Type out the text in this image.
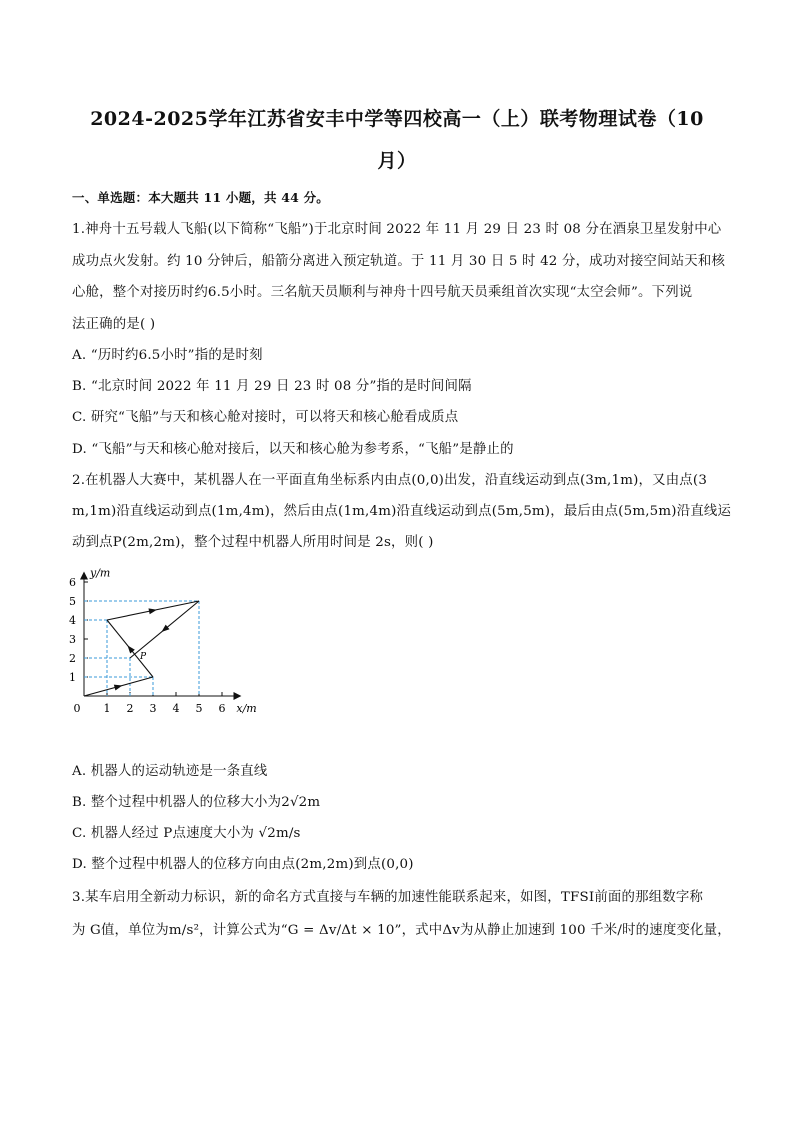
2024-2025学年江苏省安丰中学等四校高一（上）联考物理试卷（10
月）
一、单选题：本大题共 11 小题，共 44 分。
1.神舟十五号载人飞船(以下简称“飞船”)于北京时间 2022 年 11 月 29 日 23 时 08 分在酒泉卫星发射中心
成功点火发射。约 10 分钟后，船箭分离进入预定轨道。于 11 月 30 日 5 时 42 分，成功对接空间站天和核
心舱，整个对接历时约6.5小时。三名航天员顺利与神舟十四号航天员乘组首次实现“太空会师”。下列说
法正确的是( )
A. “历时约6.5小时”指的是时刻
B. “北京时间 2022 年 11 月 29 日 23 时 08 分”指的是时间间隔
C. 研究“飞船”与天和核心舱对接时，可以将天和核心舱看成质点
D. “飞船”与天和核心舱对接后，以天和核心舱为参考系，“飞船”是静止的
2.在机器人大赛中，某机器人在一平面直角坐标系内由点(0,0)出发，沿直线运动到点(3m,1m)，又由点(3
m,1m)沿直线运动到点(1m,4m)，然后由点(1m,4m)沿直线运动到点(5m,5m)，最后由点(5m,5m)沿直线运
动到点P(2m,2m)，整个过程中机器人所用时间是 2s，则( )
x/m
y/m
0 1 2 3 4 5 6
1
2
3
4
5
6
P
A. 机器人的运动轨迹是一条直线
B. 整个过程中机器人的位移大小为2√2m
C. 机器人经过 P点速度大小为 √2m/s
D. 整个过程中机器人的位移方向由点(2m,2m)到点(0,0)
3.某车启用全新动力标识，新的命名方式直接与车辆的加速性能联系起来，如图，TFSI前面的那组数字称
为 G值，单位为m/s²，计算公式为“G = Δv/Δt × 10”，式中Δv为从静止加速到 100 千米/时的速度变化量，
